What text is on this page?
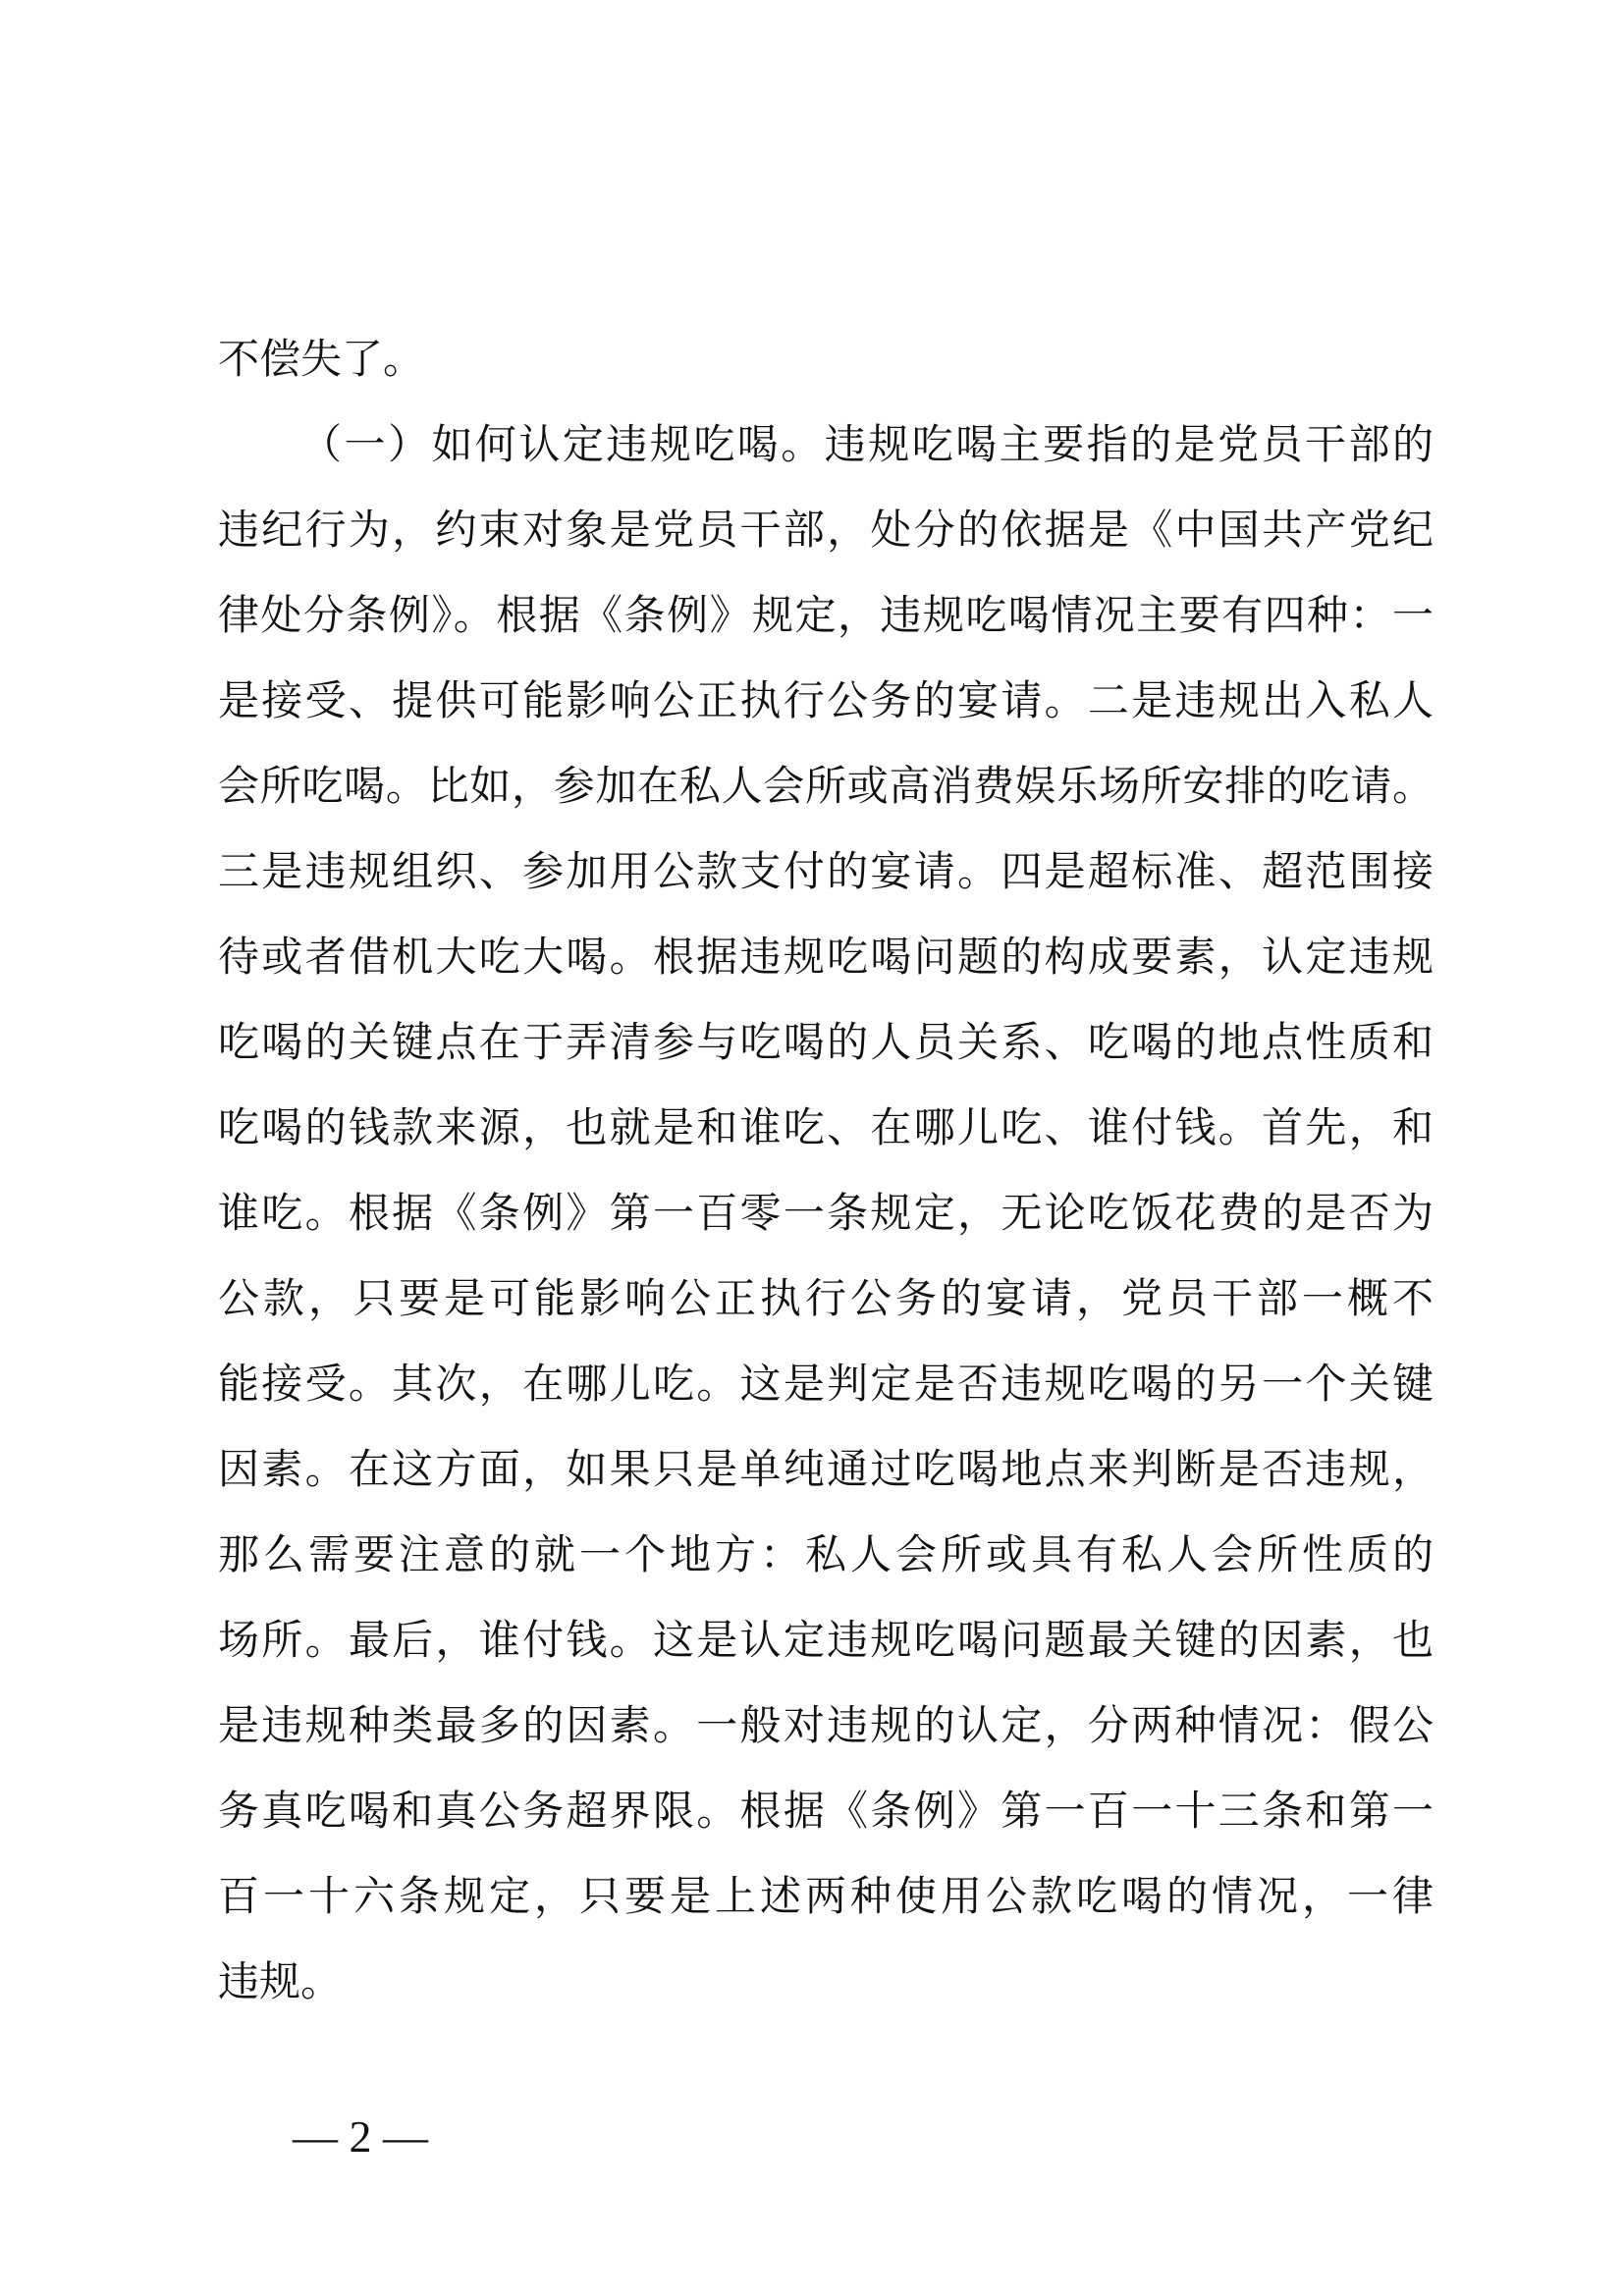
不偿失了。
（一）如何认定违规吃喝。违规吃喝主要指的是党员干部的
违纪行为，约束对象是党员干部，处分的依据是《中国共产党纪
律处分条例》。根据《条例》规定，违规吃喝情况主要有四种：一
是接受、提供可能影响公正执行公务的宴请。二是违规出入私人
会所吃喝。比如，参加在私人会所或高消费娱乐场所安排的吃请。
三是违规组织、参加用公款支付的宴请。四是超标准、超范围接
待或者借机大吃大喝。根据违规吃喝问题的构成要素，认定违规
吃喝的关键点在于弄清参与吃喝的人员关系、吃喝的地点性质和
吃喝的钱款来源，也就是和谁吃、在哪儿吃、谁付钱。首先，和
谁吃。根据《条例》第一百零一条规定，无论吃饭花费的是否为
公款，只要是可能影响公正执行公务的宴请，党员干部一概不
能接受。其次，在哪儿吃。这是判定是否违规吃喝的另一个关键
因素。在这方面，如果只是单纯通过吃喝地点来判断是否违规，
那么需要注意的就一个地方：私人会所或具有私人会所性质的
场所。最后，谁付钱。这是认定违规吃喝问题最关键的因素，也
是违规种类最多的因素。一般对违规的认定，分两种情况：假公
务真吃喝和真公务超界限。根据《条例》第一百一十三条和第一
百一十六条规定，只要是上述两种使用公款吃喝的情况，一律
违规。
— 2 —
